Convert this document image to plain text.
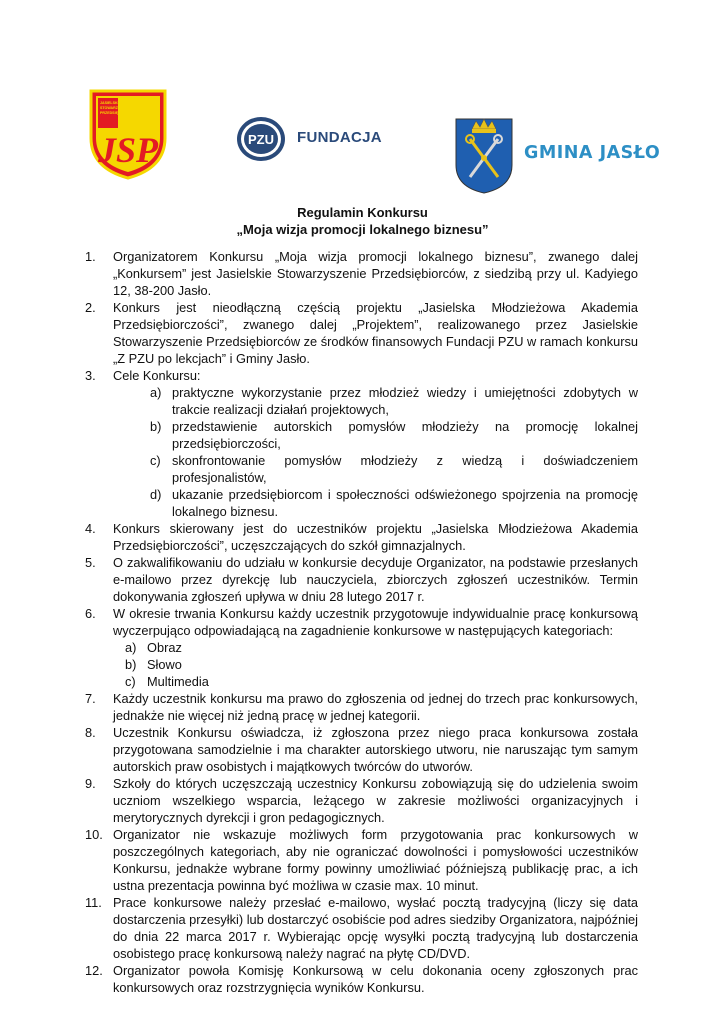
JASIELSKIE
STOWARZYSZENIE
PRZEDSIĘBIORCÓW
JSP	PZU FUNDACJA
GMINA JASŁO
Regulamin Konkursu
„Moja wizja promocji lokalnego biznesu”
1.	Organizatorem Konkursu „Moja wizja promocji lokalnego biznesu”, zwanego dalej „Konkursem” jest Jasielskie Stowarzyszenie Przedsiębiorców, z siedzibą przy ul. Kadyiego 12, 38-200 Jasło.
2.	Konkurs jest nieodłączną częścią projektu „Jasielska Młodzieżowa Akademia Przedsiębiorczości”, zwanego dalej „Projektem”, realizowanego przez Jasielskie Stowarzyszenie Przedsiębiorców ze środków finansowych Fundacji PZU w ramach konkursu „Z PZU po lekcjach” i Gminy Jasło.
3.	Cele Konkursu:
a) praktyczne wykorzystanie przez młodzież wiedzy i umiejętności zdobytych w trakcie realizacji działań projektowych,
b) przedstawienie autorskich pomysłów młodzieży na promocję lokalnej przedsiębiorczości,
c) skonfrontowanie pomysłów młodzieży z wiedzą i doświadczeniem profesjonalistów,
d) ukazanie przedsiębiorcom i społeczności odświeżonego spojrzenia na promocję lokalnego biznesu.
4.	Konkurs skierowany jest do uczestników projektu „Jasielska Młodzieżowa Akademia Przedsiębiorczości”, uczęszczających do szkół gimnazjalnych.
5.	O zakwalifikowaniu do udziału w konkursie decyduje Organizator, na podstawie przesłanych e-mailowo przez dyrekcję lub nauczyciela, zbiorczych zgłoszeń uczestników. Termin dokonywania zgłoszeń upływa w dniu 28 lutego 2017 r.
6.	W okresie trwania Konkursu każdy uczestnik przygotowuje indywidualnie pracę konkursową wyczerpująco odpowiadającą na zagadnienie konkursowe w następujących kategoriach:
a) Obraz
b) Słowo
c) Multimedia
7.	Każdy uczestnik konkursu ma prawo do zgłoszenia od jednej do trzech prac konkursowych, jednakże nie więcej niż jedną pracę w jednej kategorii.
8.	Uczestnik Konkursu oświadcza, iż zgłoszona przez niego praca konkursowa została przygotowana samodzielnie i ma charakter autorskiego utworu, nie naruszając tym samym autorskich praw osobistych i majątkowych twórców do utworów.
9.	Szkoły do których uczęszczają uczestnicy Konkursu zobowiązują się do udzielenia swoim uczniom wszelkiego wsparcia, leżącego w zakresie możliwości organizacyjnych i merytorycznych dyrekcji i gron pedagogicznych.
10. Organizator nie wskazuje możliwych form przygotowania prac konkursowych w poszczególnych kategoriach, aby nie ograniczać dowolności i pomysłowości uczestników Konkursu, jednakże wybrane formy powinny umożliwiać późniejszą publikację prac, a ich ustna prezentacja powinna być możliwa w czasie max. 10 minut.
11. Prace konkursowe należy przesłać e-mailowo, wysłać pocztą tradycyjną (liczy się data dostarczenia przesyłki) lub dostarczyć osobiście pod adres siedziby Organizatora, najpóźniej do dnia 22 marca 2017 r. Wybierając opcję wysyłki pocztą tradycyjną lub dostarczenia osobistego pracę konkursową należy nagrać na płytę CD/DVD.
12. Organizator powoła Komisję Konkursową w celu dokonania oceny zgłoszonych prac konkursowych oraz rozstrzygnięcia wyników Konkursu.
